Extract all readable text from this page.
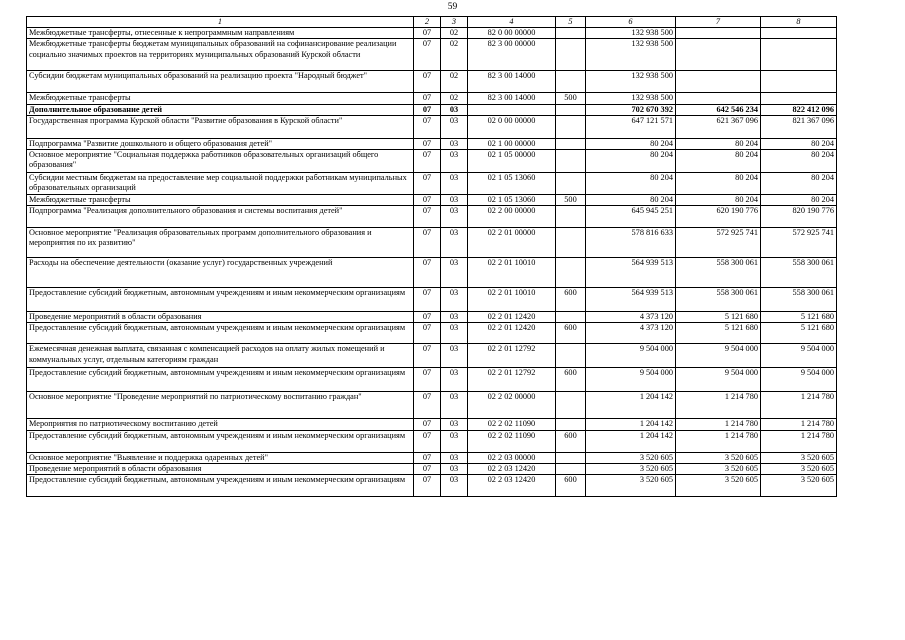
59
1	2	3	4	5	6	7	8
Межбюджетные трансферты, отнесенные к непрограммным направлениям	07	02	82 0 00 00000		132 938 500		
Межбюджетные трансферты бюджетам муниципальных образований на софинансирование реализации социально значимых проектов на территориях муниципальных образований Курской области	07	02	82 3 00 00000		132 938 500		
Субсидии бюджетам муниципальных образований на реализацию проекта "Народный бюджет"	07	02	82 3 00 14000		132 938 500		
Межбюджетные трансферты	07	02	82 3 00 14000	500	132 938 500		
Дополнительное образование детей	07	03			702 670 392	642 546 234	822 412 096
Государственная программа Курской области "Развитие образования в Курской области"	07	03	02 0 00 00000		647 121 571	621 367 096	821 367 096
Подпрограмма "Развитие дошкольного и общего образования детей"	07	03	02 1 00 00000		80 204	80 204	80 204
Основное мероприятие "Социальная поддержка работников образовательных организаций общего образования"	07	03	02 1 05 00000		80 204	80 204	80 204
Субсидии местным бюджетам на предоставление мер социальной поддержки работникам муниципальных образовательных организаций	07	03	02 1 05 13060		80 204	80 204	80 204
Межбюджетные трансферты	07	03	02 1 05 13060	500	80 204	80 204	80 204
Подпрограмма "Реализация дополнительного образования и системы воспитания детей"	07	03	02 2 00 00000		645 945 251	620 190 776	820 190 776
Основное мероприятие "Реализация образовательных программ дополнительного образования и мероприятия по их развитию"	07	03	02 2 01 00000		578 816 633	572 925 741	572 925 741
Расходы на обеспечение деятельности (оказание услуг) государственных учреждений	07	03	02 2 01 10010		564 939 513	558 300 061	558 300 061
Предоставление субсидий бюджетным, автономным учреждениям и иным некоммерческим организациям	07	03	02 2 01 10010	600	564 939 513	558 300 061	558 300 061
Проведение мероприятий в области образования	07	03	02 2 01 12420		4 373 120	5 121 680	5 121 680
Предоставление субсидий бюджетным, автономным учреждениям и иным некоммерческим организациям	07	03	02 2 01 12420	600	4 373 120	5 121 680	5 121 680
Ежемесячная денежная выплата, связанная с компенсацией расходов на оплату жилых помещений и коммунальных услуг, отдельным категориям граждан	07	03	02 2 01 12792		9 504 000	9 504 000	9 504 000
Предоставление субсидий бюджетным, автономным учреждениям и иным некоммерческим организациям	07	03	02 2 01 12792	600	9 504 000	9 504 000	9 504 000
Основное мероприятие "Проведение мероприятий по патриотическому воспитанию граждан"	07	03	02 2 02 00000		1 204 142	1 214 780	1 214 780
Мероприятия по патриотическому воспитанию детей	07	03	02 2 02 11090		1 204 142	1 214 780	1 214 780
Предоставление субсидий бюджетным, автономным учреждениям и иным некоммерческим организациям	07	03	02 2 02 11090	600	1 204 142	1 214 780	1 214 780
Основное мероприятие "Выявление и поддержка одаренных детей"	07	03	02 2 03 00000		3 520 605	3 520 605	3 520 605
Проведение мероприятий в области образования	07	03	02 2 03 12420		3 520 605	3 520 605	3 520 605
Предоставление субсидий бюджетным, автономным учреждениям и иным некоммерческим организациям	07	03	02 2 03 12420	600	3 520 605	3 520 605	3 520 605
